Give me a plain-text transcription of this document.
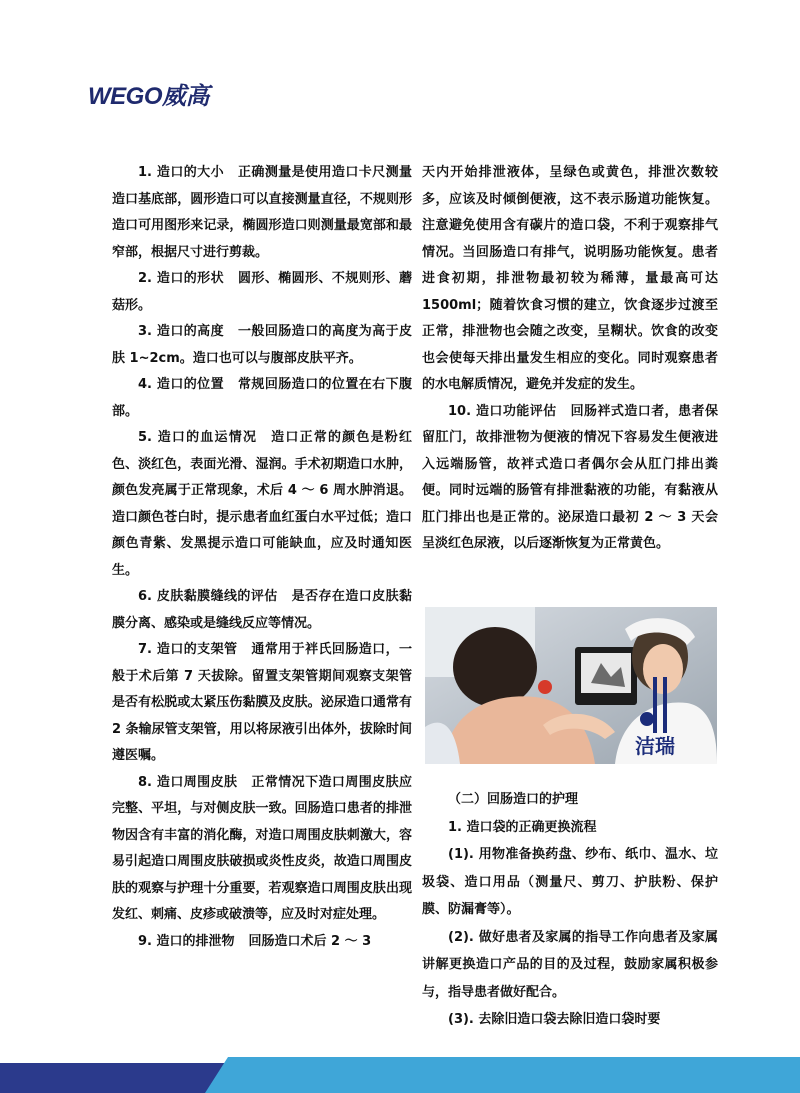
WEGO威高

1. 造口的大小 正确测量是使用造口卡尺测量造口基底部，圆形造口可以直接测量直径，不规则形造口可用图形来记录，椭圆形造口则测量最宽部和最窄部，根据尺寸进行剪裁。

2. 造口的形状 圆形、椭圆形、不规则形、蘑菇形。

3. 造口的高度 一般回肠造口的高度为高于皮肤 1~2cm。造口也可以与腹部皮肤平齐。

4. 造口的位置 常规回肠造口的位置在右下腹部。

5. 造口的血运情况 造口正常的颜色是粉红色、淡红色，表面光滑、湿润。手术初期造口水肿，颜色发亮属于正常现象，术后 4 ～ 6 周水肿消退。造口颜色苍白时，提示患者血红蛋白水平过低；造口颜色青紫、发黑提示造口可能缺血，应及时通知医生。

6. 皮肤黏膜缝线的评估 是否存在造口皮肤黏膜分离、感染或是缝线反应等情况。

7. 造口的支架管 通常用于袢氏回肠造口，一般于术后第 7 天拔除。留置支架管期间观察支架管是否有松脱或太紧压伤黏膜及皮肤。泌尿造口通常有 2 条输尿管支架管，用以将尿液引出体外，拔除时间遵医嘱。

8. 造口周围皮肤 正常情况下造口周围皮肤应完整、平坦，与对侧皮肤一致。回肠造口患者的排泄物因含有丰富的消化酶，对造口周围皮肤刺激大，容易引起造口周围皮肤破损或炎性皮炎，故造口周围皮肤的观察与护理十分重要，若观察造口周围皮肤出现发红、刺痛、皮疹或破溃等，应及时对症处理。

9. 造口的排泄物 回肠造口术后 2 ～ 3

天内开始排泄液体，呈绿色或黄色，排泄次数较多，应该及时倾倒便液，这不表示肠道功能恢复。注意避免使用含有碳片的造口袋，不利于观察排气情况。当回肠造口有排气，说明肠功能恢复。患者进食初期，排泄物最初较为稀薄，量最高可达 1500ml；随着饮食习惯的建立，饮食逐步过渡至正常，排泄物也会随之改变，呈糊状。饮食的改变也会使每天排出量发生相应的变化。同时观察患者的水电解质情况，避免并发症的发生。

10. 造口功能评估 回肠袢式造口者，患者保留肛门，故排泄物为便液的情况下容易发生便液进入远端肠管，故袢式造口者偶尔会从肛门排出粪便。同时远端的肠管有排泄黏液的功能，有黏液从肛门排出也是正常的。泌尿造口最初 2 ～ 3 天会呈淡红色尿液，以后逐渐恢复为正常黄色。

洁瑞

（二）回肠造口的护理

1. 造口袋的正确更换流程

(1). 用物准备换药盘、纱布、纸巾、温水、垃圾袋、造口用品（测量尺、剪刀、护肤粉、保护膜、防漏膏等）。

(2). 做好患者及家属的指导工作向患者及家属讲解更换造口产品的目的及过程，鼓励家属积极参与，指导患者做好配合。

(3). 去除旧造口袋去除旧造口袋时要
